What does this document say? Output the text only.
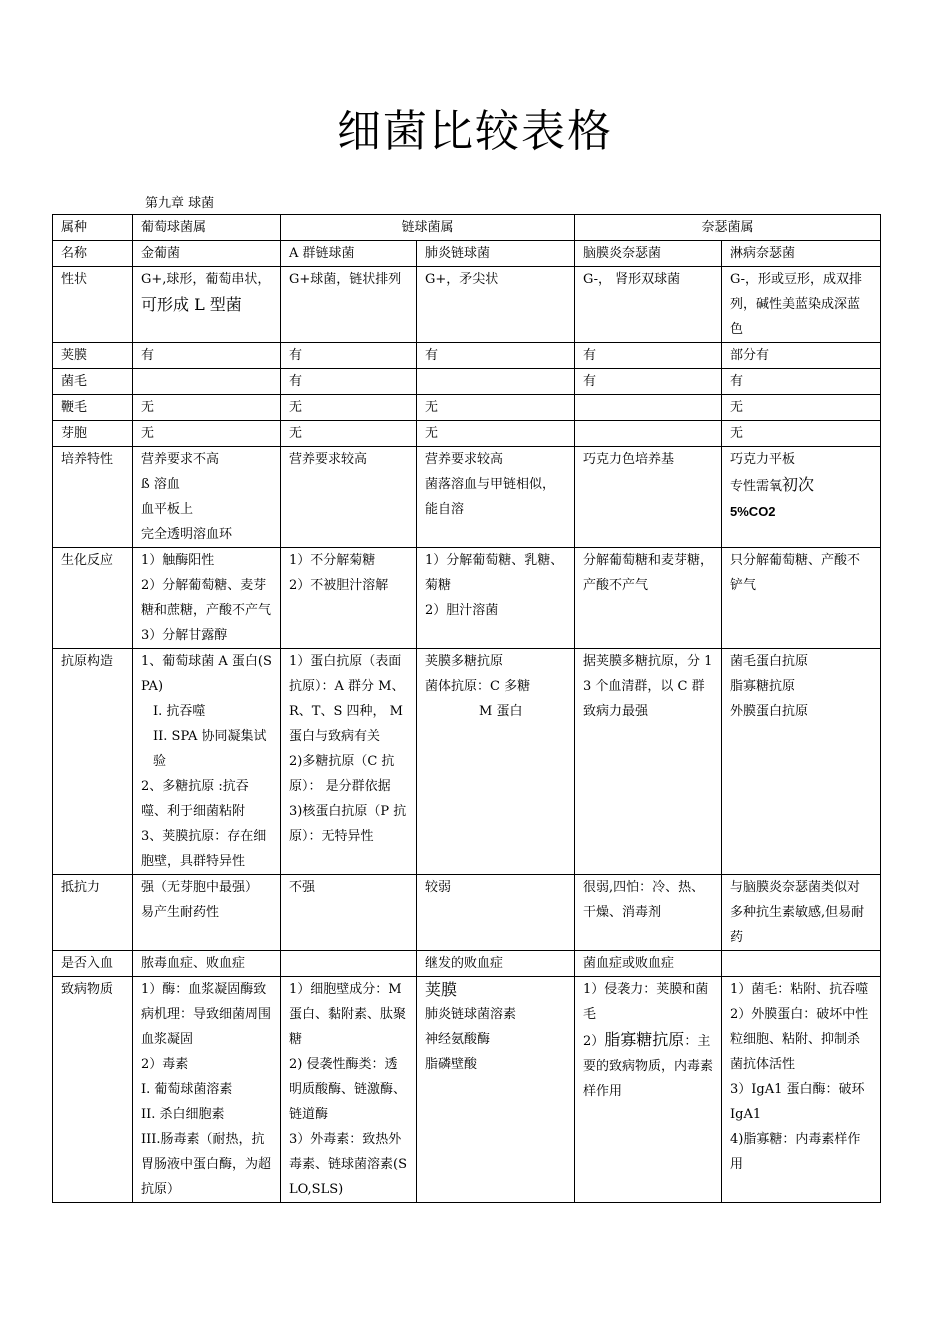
细菌比较表格
第九章 球菌
属种	葡萄球菌属	链球菌属		奈瑟菌属	
名称	金葡菌	A 群链球菌	肺炎链球菌	脑膜炎奈瑟菌	淋病奈瑟菌
性状	G+,球形，葡萄串状，
可形成 L 型菌	G+球菌，链状排列	G+，矛尖状	G-， 肾形双球菌	G-，形或豆形，成双排列，碱性美蓝染成深蓝色
荚膜	有	有	有	有	部分有
菌毛		有		有	有
鞭毛	无	无	无		无
芽胞	无	无	无		无
培养特性	营养要求不高
ß 溶血
血平板上
完全透明溶血环	营养要求较高	营养要求较高
菌落溶血与甲链相似，能自溶	巧克力色培养基	巧克力平板
专性需氧初次
5%CO2

生化反应	1）触酶阳性
2）分解葡萄糖、麦芽糖和蔗糖，产酸不产气
3）分解甘露醇	1）不分解菊糖
2）不被胆汁溶解	1）分解葡萄糖、乳糖、菊糖
2）胆汁溶菌	分解葡萄糖和麦芽糖，产酸不产气	只分解葡萄糖、产酸不铲气
抗原构造	1、葡萄球菌 A 蛋白(SPA)
I. 抗吞噬
II. SPA 协同凝集试验
2、多糖抗原 :抗吞噬、利于细菌粘附
3、荚膜抗原：存在细胞壁，具群特异性	1）蛋白抗原（表面抗原）：A 群分 M、R、T、S 四种， M 蛋白与致病有关
2)多糖抗原（C 抗原）： 是分群依据
3)核蛋白抗原（P 抗原）：无特异性	荚膜多糖抗原
菌体抗原：C 多糖
M 蛋白	据荚膜多糖抗原，分 13 个血清群，以 C 群致病力最强	菌毛蛋白抗原
脂寡糖抗原
外膜蛋白抗原

抵抗力	强（无芽胞中最强）
易产生耐药性	不强	较弱	很弱,四怕：冷、热、干燥、消毒剂	与脑膜炎奈瑟菌类似对多种抗生素敏感,但易耐药
是否入血	脓毒血症、败血症		继发的败血症	菌血症或败血症	
致病物质	1）酶：血浆凝固酶致病机理：导致细菌周围血浆凝固
2）毒素
I. 葡萄球菌溶素
II. 杀白细胞素
III.肠毒素（耐热，抗胃肠液中蛋白酶，为超抗原）	1）细胞壁成分：M 蛋白、黏附素、肽聚糖
2) 侵袭性酶类：透明质酸酶、链激酶、链道酶
3）外毒素：致热外毒素、链球菌溶素(SLO,SLS)	荚膜
肺炎链球菌溶素
神经氨酸酶
脂磷壁酸	1）侵袭力：荚膜和菌毛
2）脂寡糖抗原：主要的致病物质，内毒素样作用	1）菌毛：粘附、抗吞噬
2）外膜蛋白：破坏中性粒细胞、粘附、抑制杀菌抗体活性
3）IgA1 蛋白酶：破环 IgA1
4)脂寡糖：内毒素样作用
